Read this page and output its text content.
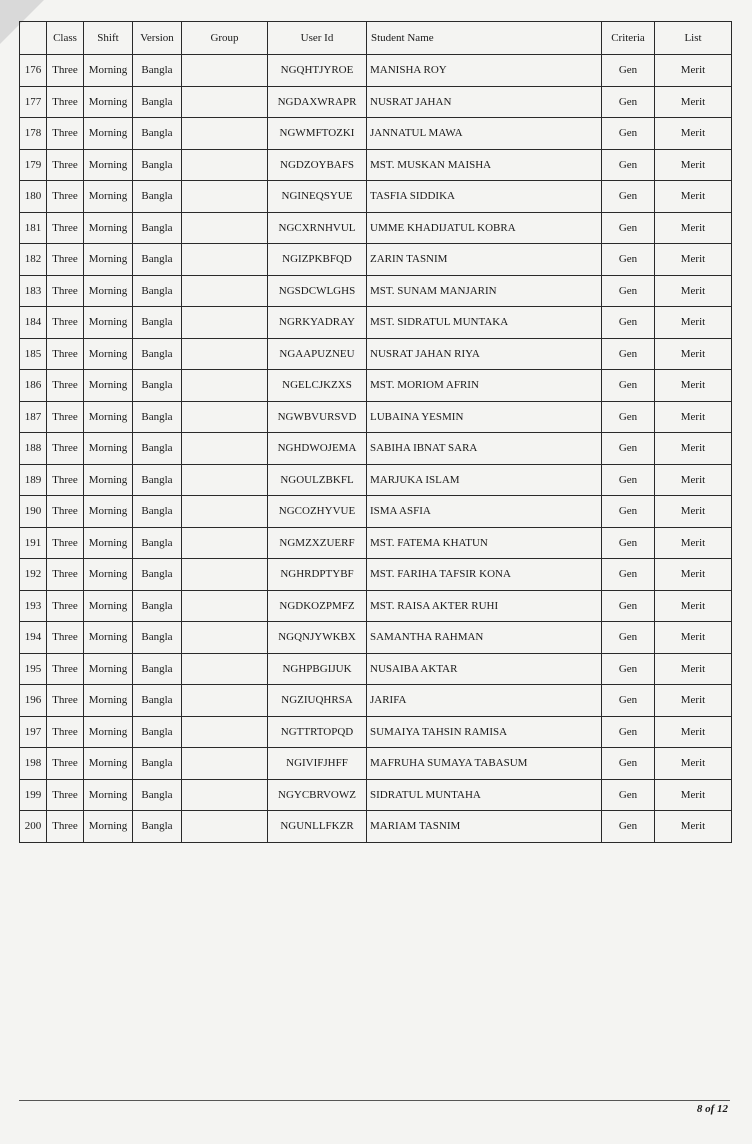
	Class	Shift	Version	Group	User Id	Student Name	Criteria	List
176	Three	Morning	Bangla		NGQHTJYROE	MANISHA ROY	Gen	Merit
177	Three	Morning	Bangla		NGDAXWRAPR	NUSRAT JAHAN	Gen	Merit
178	Three	Morning	Bangla		NGWMFTOZKI	JANNATUL MAWA	Gen	Merit
179	Three	Morning	Bangla		NGDZOYBAFS	MST. MUSKAN MAISHA	Gen	Merit
180	Three	Morning	Bangla		NGINEQSYUE	TASFIA SIDDIKA	Gen	Merit
181	Three	Morning	Bangla		NGCXRNHVUL	UMME KHADIJATUL KOBRA	Gen	Merit
182	Three	Morning	Bangla		NGIZPKBFQD	ZARIN TASNIM	Gen	Merit
183	Three	Morning	Bangla		NGSDCWLGHS	MST. SUNAM MANJARIN	Gen	Merit
184	Three	Morning	Bangla		NGRKYADRAY	MST. SIDRATUL MUNTAKA	Gen	Merit
185	Three	Morning	Bangla		NGAAPUZNEU	NUSRAT JAHAN RIYA	Gen	Merit
186	Three	Morning	Bangla		NGELCJKZXS	MST. MORIOM AFRIN	Gen	Merit
187	Three	Morning	Bangla		NGWBVURSVD	LUBAINA YESMIN	Gen	Merit
188	Three	Morning	Bangla		NGHDWOJEMA	SABIHA IBNAT SARA	Gen	Merit
189	Three	Morning	Bangla		NGOULZBKFL	MARJUKA ISLAM	Gen	Merit
190	Three	Morning	Bangla		NGCOZHYVUE	ISMA ASFIA	Gen	Merit
191	Three	Morning	Bangla		NGMZXZUERF	MST. FATEMA KHATUN	Gen	Merit
192	Three	Morning	Bangla		NGHRDPTYBF	MST. FARIHA TAFSIR KONA	Gen	Merit
193	Three	Morning	Bangla		NGDKOZPMFZ	MST. RAISA AKTER RUHI	Gen	Merit
194	Three	Morning	Bangla		NGQNJYWKBX	SAMANTHA RAHMAN	Gen	Merit
195	Three	Morning	Bangla		NGHPBGIJUK	NUSAIBA AKTAR	Gen	Merit
196	Three	Morning	Bangla		NGZIUQHRSA	JARIFA	Gen	Merit
197	Three	Morning	Bangla		NGTTRTOPQD	SUMAIYA TAHSIN RAMISA	Gen	Merit
198	Three	Morning	Bangla		NGIVIFJHFF	MAFRUHA SUMAYA TABASUM	Gen	Merit
199	Three	Morning	Bangla		NGYCBRVOWZ	SIDRATUL MUNTAHA	Gen	Merit
200	Three	Morning	Bangla		NGUNLLFKZR	MARIAM TASNIM	Gen	Merit
8 of 12
